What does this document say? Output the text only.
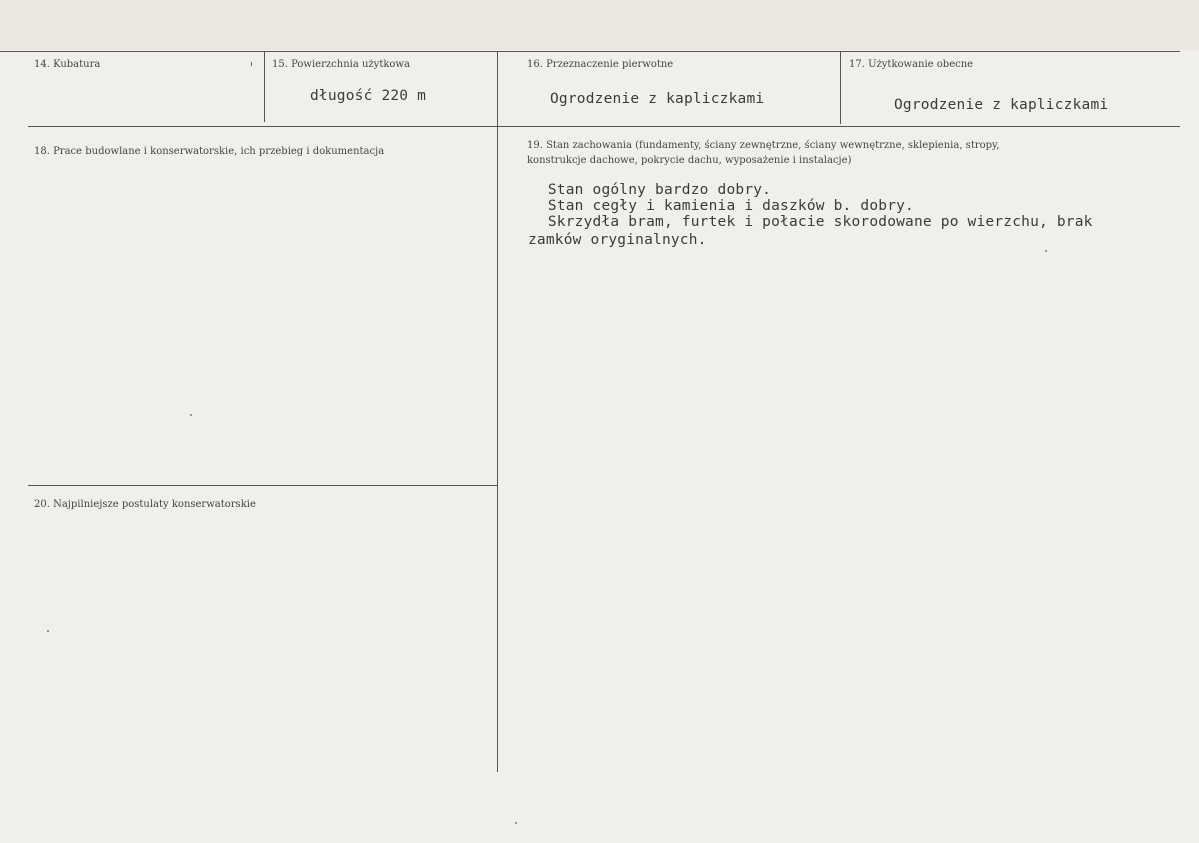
14. Kubatura	15. Powierzchnia użytkowa
długość 220 m
16. Przeznaczenie pierwotne
Ogrodzenie z kapliczkami
17. Użytkowanie obecne
Ogrodzenie z kapliczkami
18. Prace budowlane i konserwatorskie, ich przebieg i dokumentacja
19. Stan zachowania (fundamenty, ściany zewnętrzne, ściany wewnętrzne, sklepienia, stropy,
konstrukcje dachowe, pokrycie dachu, wyposażenie i instalacje)
Stan ogólny bardzo dobry.
Stan cegły i kamienia i daszków b. dobry.
Skrzydła bram, furtek i połacie skorodowane po wierzchu, brak
zamków oryginalnych.
20. Najpilniejsze postulaty konserwatorskie
